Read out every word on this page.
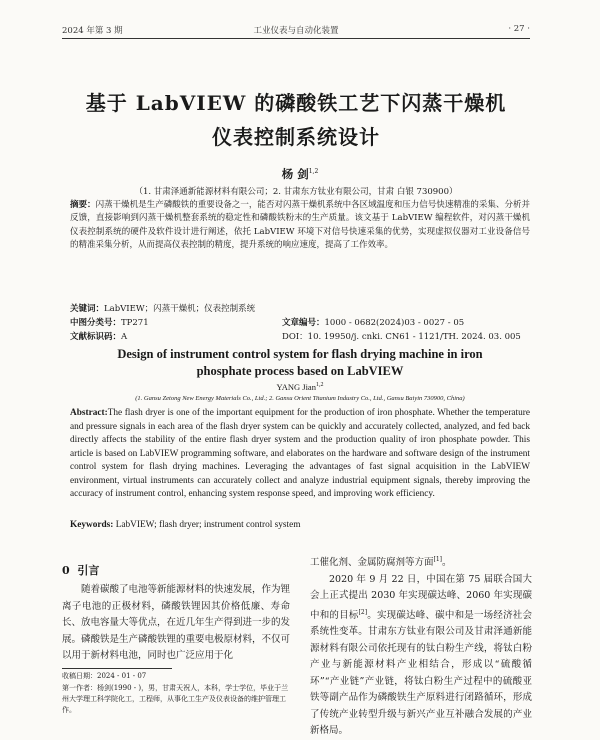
2024 年第 3 期	工业仪表与自动化装置	· 27 ·
基于 LabVIEW 的磷酸铁工艺下闪蒸干燥机
仪表控制系统设计
杨 剑$^{1,2}$
（1. 甘肃泽通新能源材料有限公司；2. 甘肃东方钛业有限公司，甘肃 白银 730900）
摘要：闪蒸干燥机是生产磷酸铁的重要设备之一，能否对闪蒸干燥机系统中各区域温度和压力信号快速精准的采集、分析并反馈，直接影响到闪蒸干燥机整套系统的稳定性和磷酸铁粉末的生产质量。该文基于 LabVIEW 编程软件，对闪蒸干燥机仪表控制系统的硬件及软件设计进行阐述，依托 LabVIEW 环境下对信号快速采集的优势，实现虚拟仪器对工业设备信号的精准采集分析，从而提高仪表控制的精度，提升系统的响应速度，提高了工作效率。
关键词：LabVIEW；闪蒸干燥机；仪表控制系统
中图分类号：TP271	文章编号：1000 - 0682(2024)03 - 0027 - 05
文献标识码：A	DOI：10. 19950/j. cnki. CN61 - 1121/TH. 2024. 03. 005
Design of instrument control system for flash drying machine in iron
phosphate process based on LabVIEW
YANG Jian$^{1,2}$
(1. Gansu Zetong New Energy Materials Co., Ltd.; 2. Gansu Orient Titanium Industry Co., Ltd., Gansu Baiyin 730900, China)
Abstract:The flash dryer is one of the important equipment for the production of iron phosphate. Whether the temperature and pressure signals in each area of the flash dryer system can be quickly and accurately collected, analyzed, and fed back directly affects the stability of the entire flash dryer system and the production quality of iron phosphate powder. This article is based on LabVIEW programming software, and elaborates on the hardware and software design of the instrument control system for flash drying machines. Leveraging the advantages of fast signal acquisition in the LabVIEW environment, virtual instruments can accurately collect and analyze industrial equipment signals, thereby improving the accuracy of instrument control, enhancing system response speed, and improving work efficiency.
Keywords: LabVIEW; flash dryer; instrument control system
0 引言

随着碳酸了电池等新能源材料的快速发展，作为锂离子电池的正极材料，磷酸铁锂因其价格低廉、寿命长、放电容量大等优点，在近几年生产得到进一步的发展。磷酸铁是生产磷酸铁锂的重要电极原材料，不仅可以用于新材料电池，同时也广泛应用于化

收稿日期：2024 - 01 - 07
第一作者：杨剑(1990 - )，男，甘肃天祝人，本科，学士学位，毕业于兰州大学理工科学院化工，工程师，从事化工生产及仪表设备的维护管理工作。

工催化剂、金属防腐剂等方面[1]。

2020 年 9 月 22 日，中国在第 75 届联合国大会上正式提出 2030 年实现碳达峰、2060 年实现碳中和的目标[2]。实现碳达峰、碳中和是一场经济社会系统性变革。甘肃东方钛业有限公司及甘肃泽通新能源材料有限公司依托现有的钛白粉生产线，将钛白粉产业与新能源材料产业相结合，形成以“硫酸循环”“产业链”产业链，将钛白粉生产过程中的硫酸亚铁等副产品作为磷酸铁生产原料进行闭路循环，形成了传统产业转型升级与新兴产业互补融合发展的产业新格局。
